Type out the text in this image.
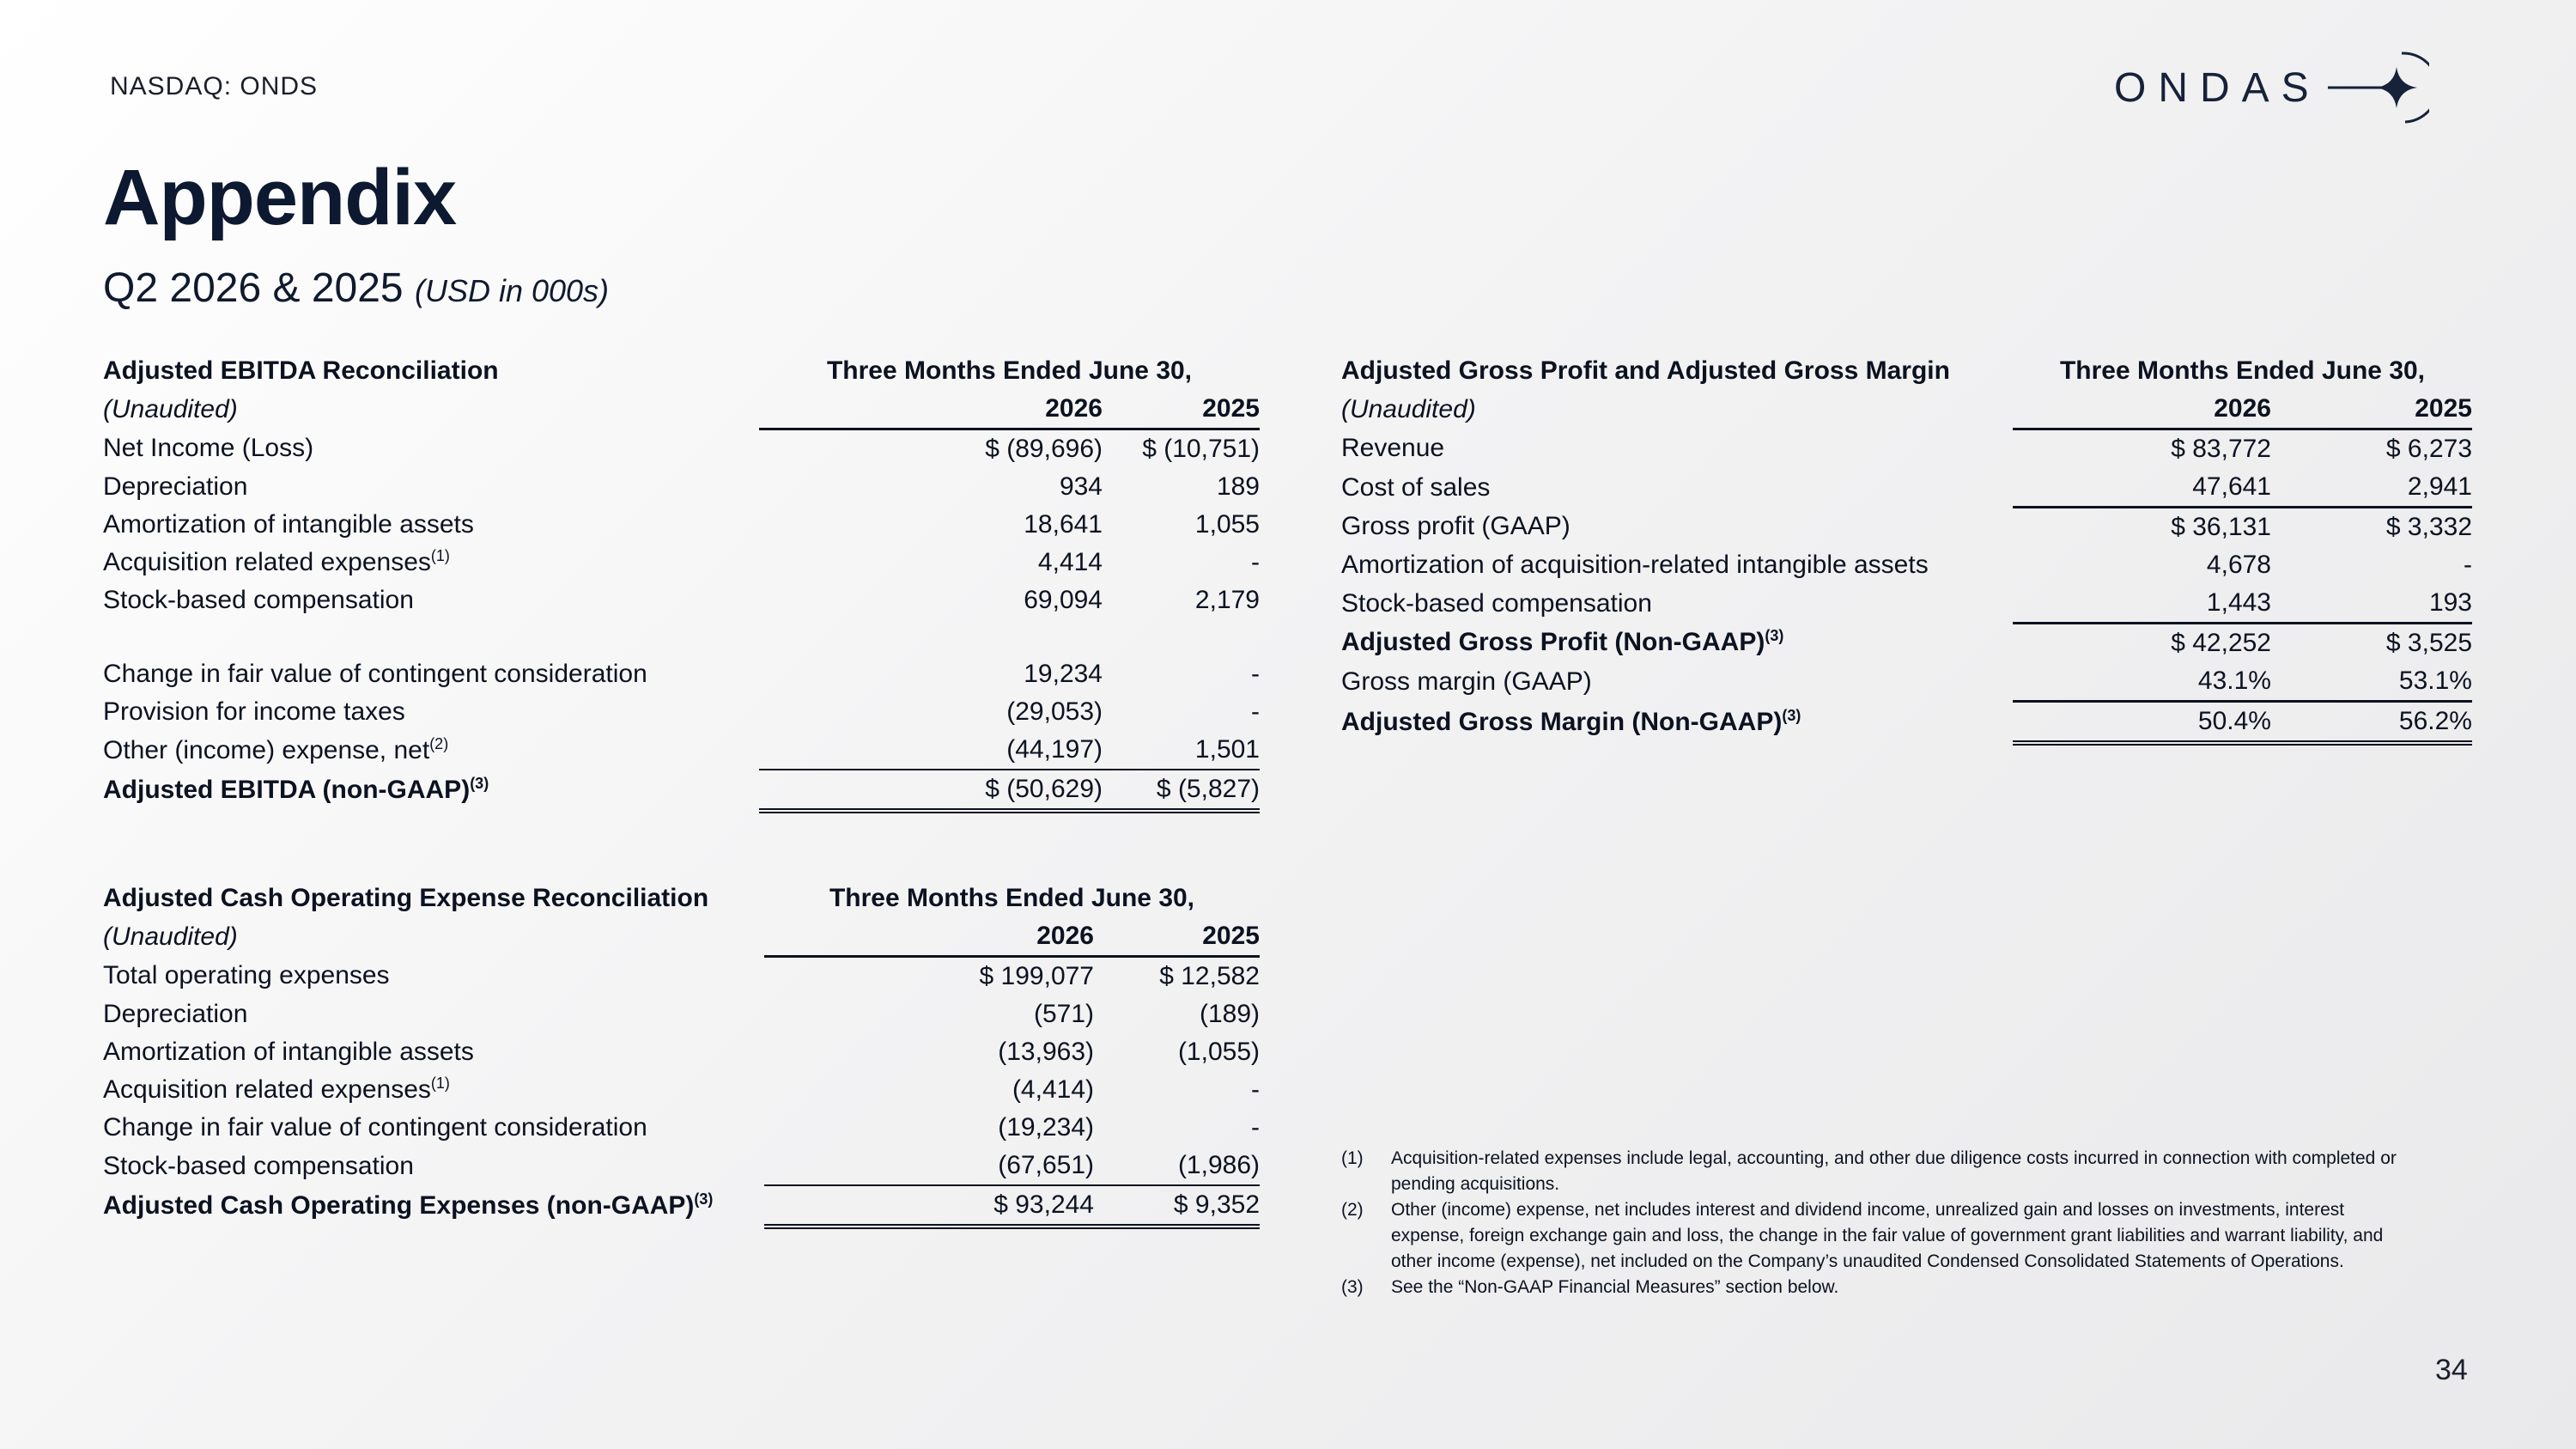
NASDAQ: ONDS	ONDAS
Appendix
Q2 2026 & 2025 (USD in 000s)
Adjusted EBITDA Reconciliation	Three Months Ended June 30,	
(Unaudited)	2026	2025
Net Income (Loss)	$ (89,696)	$ (10,751)
Depreciation	934	189
Amortization of intangible assets	18,641	1,055
Acquisition related expenses$^{(1)}$	4,414	-
Stock-based compensation	69,094	2,179

Change in fair value of contingent consideration	19,234	-
Provision for income taxes	(29,053)	-
Other (income) expense, net$^{(2)}$	(44,197)	1,501
Adjusted EBITDA (non-GAAP)$^{(3)}$	$ (50,629)	$ (5,827)
Adjusted Cash Operating Expense Reconciliation	Three Months Ended June 30,	
(Unaudited)	2026	2025
Total operating expenses	$ 199,077	$ 12,582
Depreciation	(571)	(189)
Amortization of intangible assets	(13,963)	(1,055)
Acquisition related expenses$^{(1)}$	(4,414)	-
Change in fair value of contingent consideration	(19,234)	-
Stock-based compensation	(67,651)	(1,986)
Adjusted Cash Operating Expenses (non-GAAP)$^{(3)}$	$ 93,244	$ 9,352
Adjusted Gross Profit and Adjusted Gross Margin	Three Months Ended June 30,	
(Unaudited)	2026	2025
Revenue	$ 83,772	$ 6,273
Cost of sales	47,641	2,941
Gross profit (GAAP)	$ 36,131	$ 3,332
Amortization of acquisition-related intangible assets	4,678	-
Stock-based compensation	1,443	193
Adjusted Gross Profit (Non-GAAP)$^{(3)}$	$ 42,252	$ 3,525
Gross margin (GAAP)	43.1%	53.1%
Adjusted Gross Margin (Non-GAAP)$^{(3)}$	50.4%	56.2%
(1)	Acquisition-related expenses include legal, accounting, and other due diligence costs incurred in connection with completed or pending acquisitions.
(2)	Other (income) expense, net includes interest and dividend income, unrealized gain and losses on investments, interest expense, foreign exchange gain and loss, the change in the fair value of government grant liabilities and warrant liability, and other income (expense), net included on the Company’s unaudited Condensed Consolidated Statements of Operations.
(3)	See the “Non-GAAP Financial Measures” section below.
34
